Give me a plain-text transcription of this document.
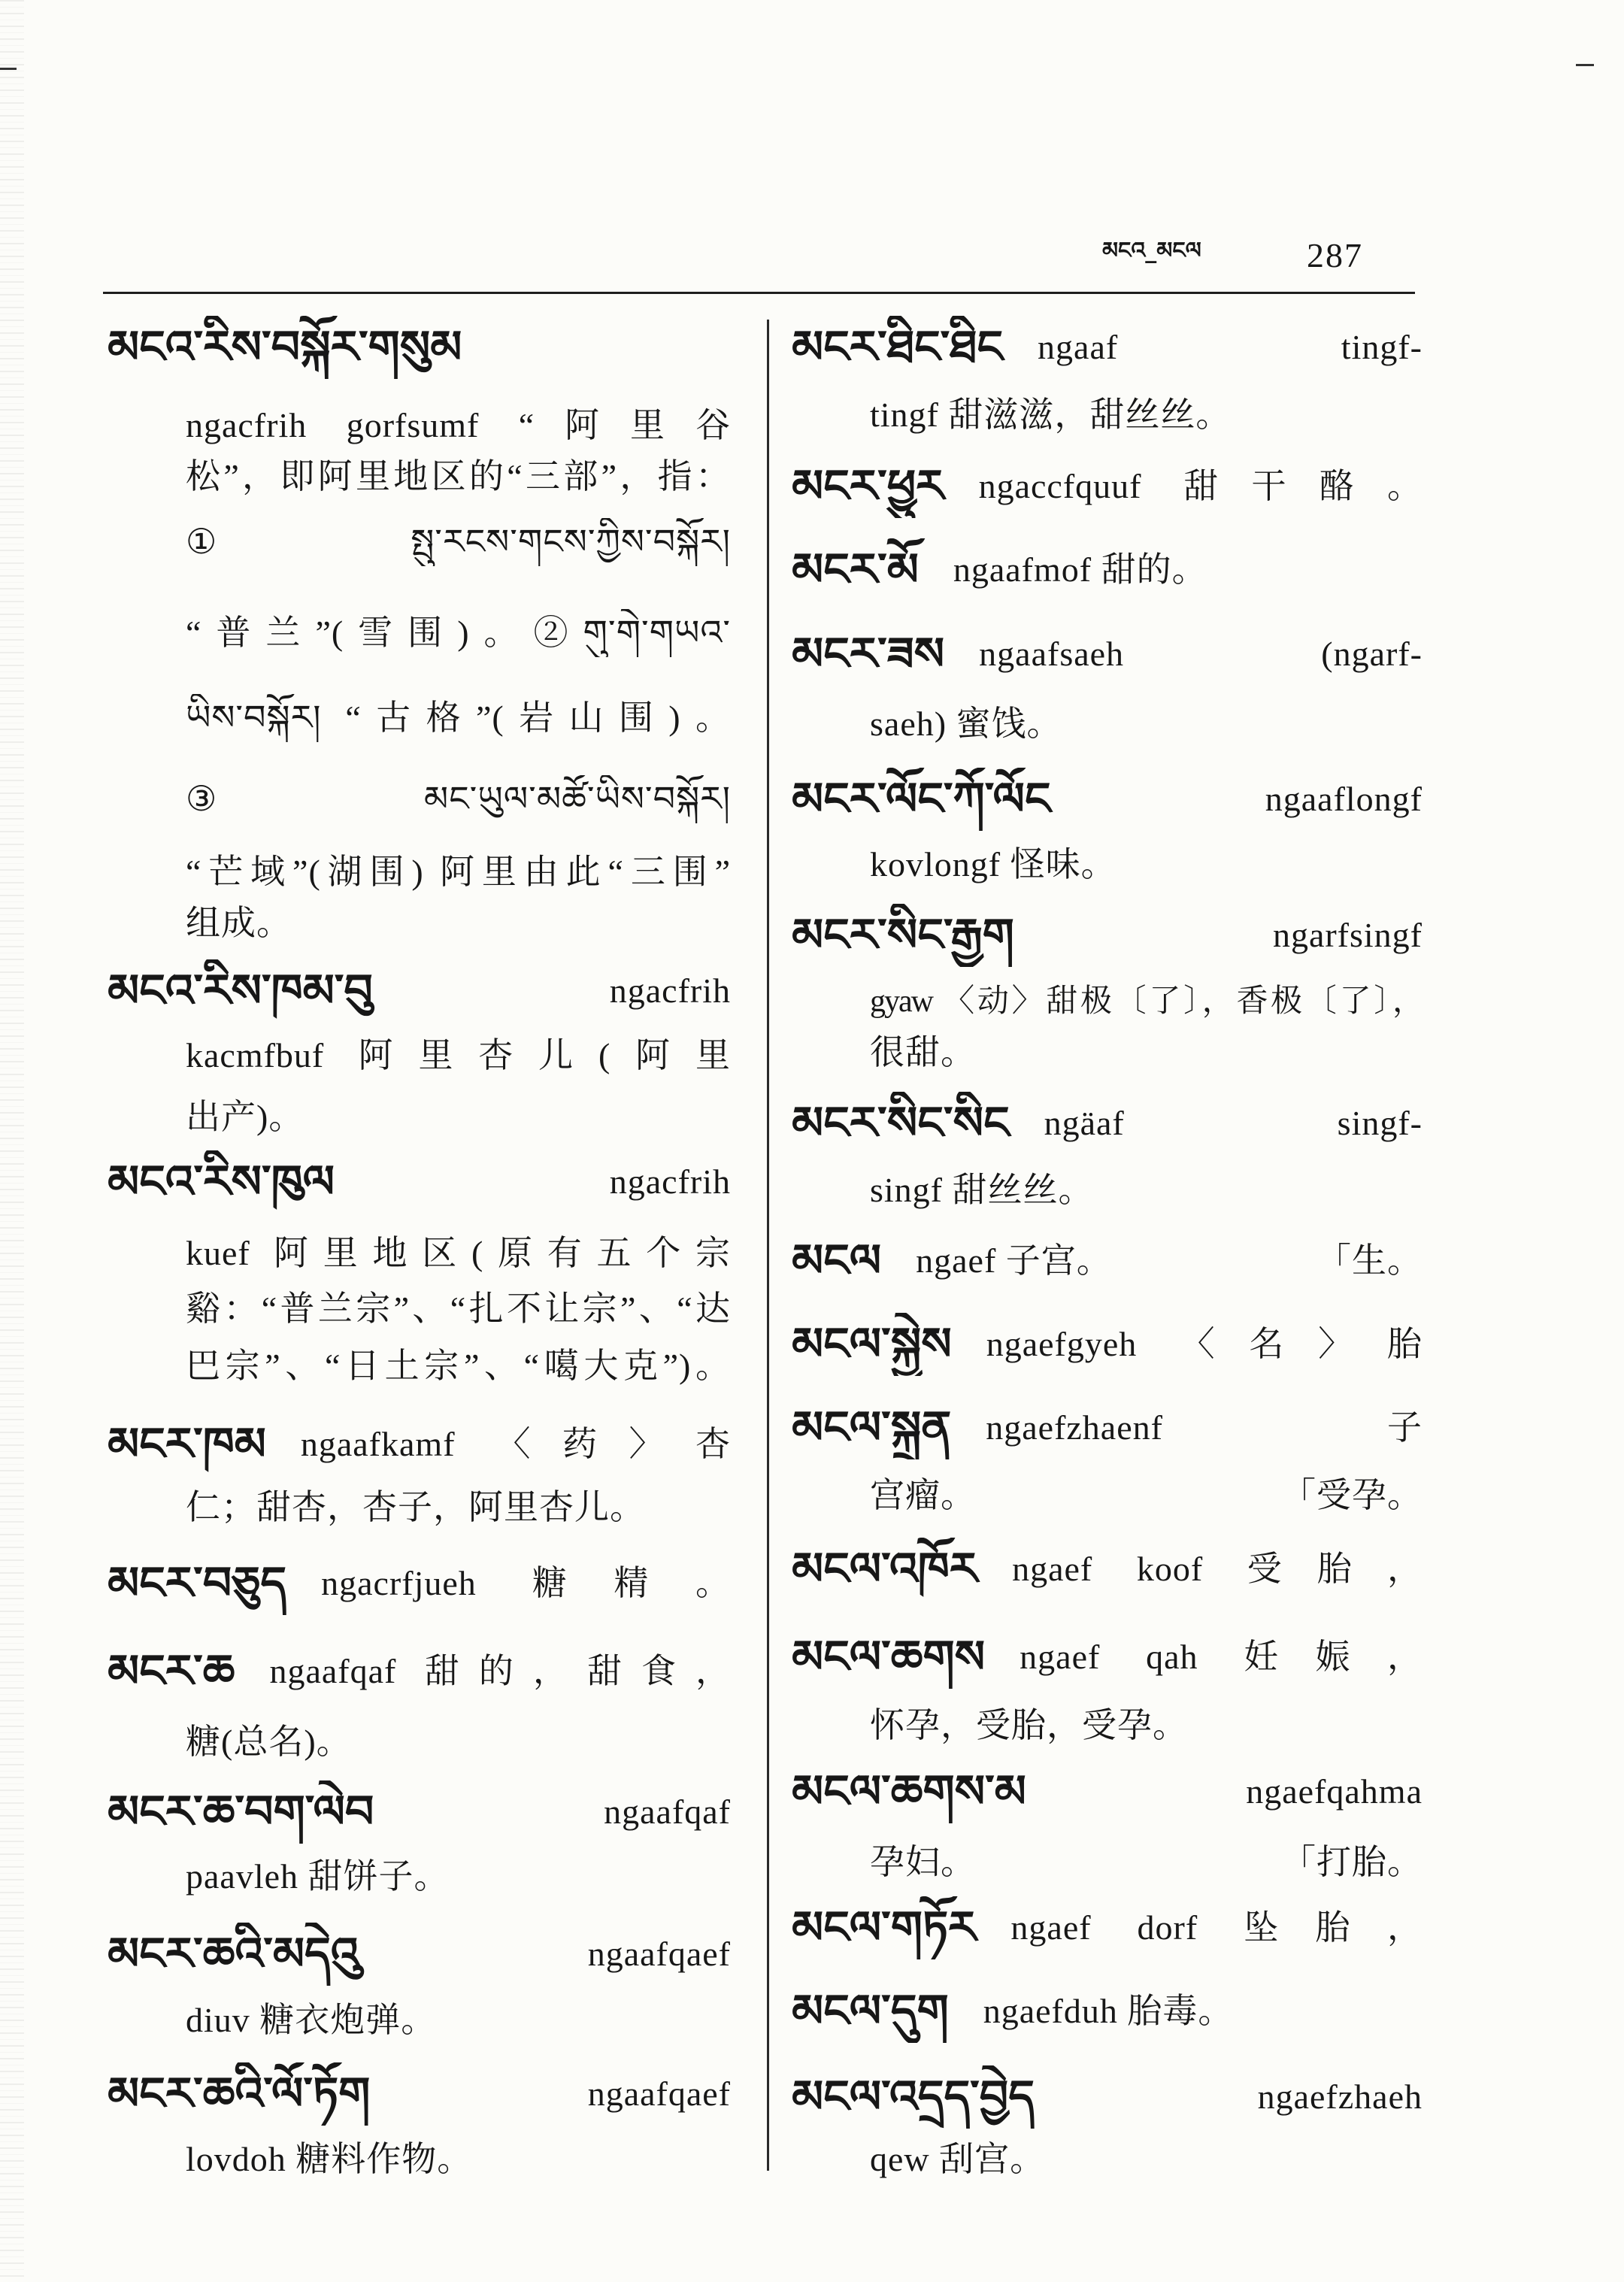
མངའ_མངལ	287
མངའ་རིས་བསྐོར་གསུམ
ngacfrih gorfsumf “阿里谷
松”，即阿里地区的“三部”，指：
① སྤུ་རངས་གངས་ཀྱིས་བསྐོར།
“普兰”(雪围)。②གུ་གེ་གཡའ་
ཡིས་བསྐོར། “古格”(岩山围)。
③ མང་ཡུལ་མཚོ་ཡིས་བསྐོར།
“芒域”(湖围) 阿里由此“三围”
组成。
མངའ་རིས་ཁམ་བུ	ngacfrih
kacmfbuf 阿里杏儿(阿里
出产)。
མངའ་རིས་ཁུལ	ngacfrih
kuef 阿里地区(原有五个宗
谿：“普兰宗”、“扎不让宗”、“达
巴宗”、“日土宗”、“噶大克”)。
མངར་ཁམ ngaafkamf 〈药〉杏
仁；甜杏，杏子，阿里杏儿。
མངར་བཅུད ngacrfjueh 糖精。
མངར་ཆ ngaafqaf 甜的，甜食，
糖(总名)。
མངར་ཆ་བག་ལེབ	ngaafqaf
paavleh 甜饼子。
མངར་ཆའི་མདེའུ	ngaafqaef
diuv 糖衣炮弹。
མངར་ཆའི་ལོ་ཏོག	ngaafqaef
lovdoh 糖料作物。
མངར་ཐིང་ཐིང ngaaf tingf-
tingf 甜滋滋，甜丝丝。
མངར་ཕྱུར ngaccfquuf 甜干酪。
མངར་མོ ngaafmof 甜的。
མངར་ཟས ngaafsaeh (ngarf-
saeh) 蜜饯。
མངར་ལོང་ཀོ་ལོང	ngaaflongf
kovlongf 怪味。
མངར་སིང་རྒྱག	ngarfsingf
gyaw 〈动〉甜极〔了〕，香极〔了〕，
很甜。
མངར་སིང་སིང ngäaf singf-
singf 甜丝丝。
མངལ ngaef 子宫。	「生。
མངལ་སྐྱེས ngaefgyeh 〈名〉胎
མངལ་སྐྲན ngaefzhaenf 子
宫瘤。	「受孕。
མངལ་འཁོར ngaef koof 受胎，
མངལ་ཆགས ngaef qah 妊娠，
怀孕，受胎，受孕。
མངལ་ཆགས་མ	ngaefqahma
孕妇。	「打胎。
མངལ་གཏོར ngaef dorf 坠胎，
མངལ་དུག ngaefduh 胎毒。
མངལ་འདྲད་བྱེད	ngaefzhaeh
qew 刮宫。
